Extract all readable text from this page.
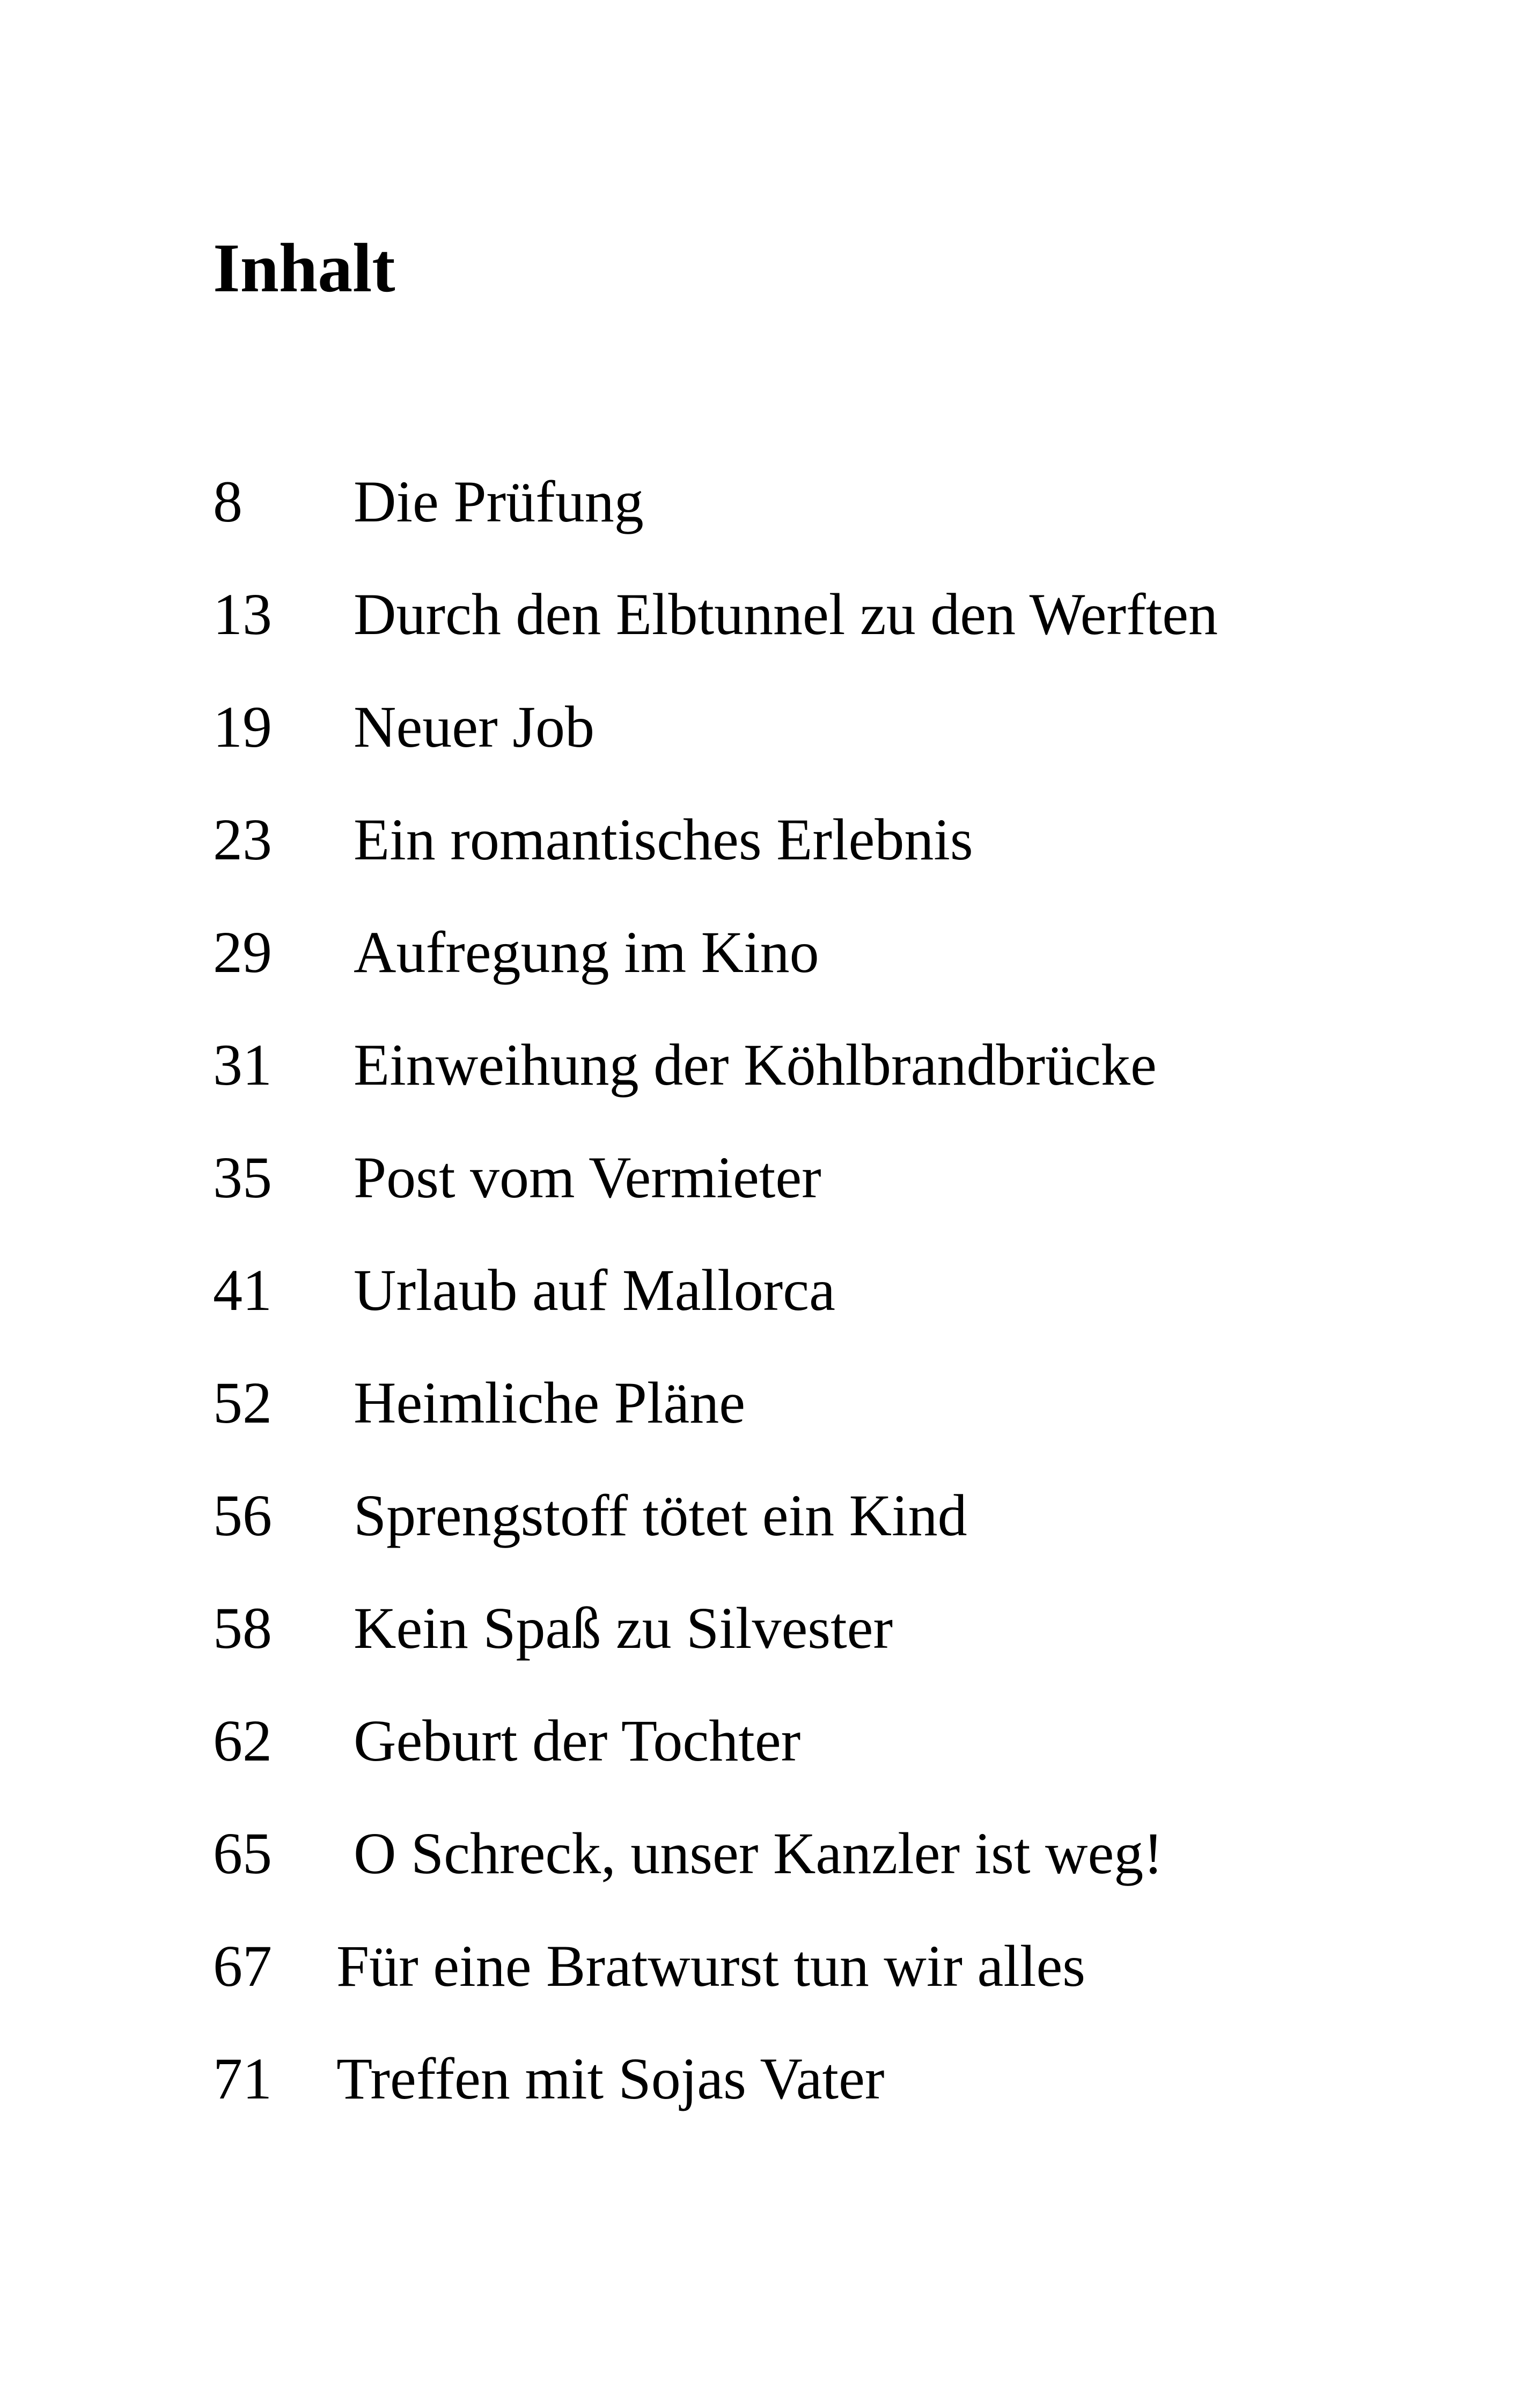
Inhalt
8 Die Prüfung
13 Durch den Elbtunnel zu den Werften
19 Neuer Job
23 Ein romantisches Erlebnis
29 Aufregung im Kino
31 Einweihung der Köhlbrandbrücke
35 Post vom Vermieter
41 Urlaub auf Mallorca
52 Heimliche Pläne
56 Sprengstoff tötet ein Kind
58 Kein Spaß zu Silvester
62 Geburt der Tochter
65 O Schreck, unser Kanzler ist weg!
67 Für eine Bratwurst tun wir alles
71 Treffen mit Sojas Vater
